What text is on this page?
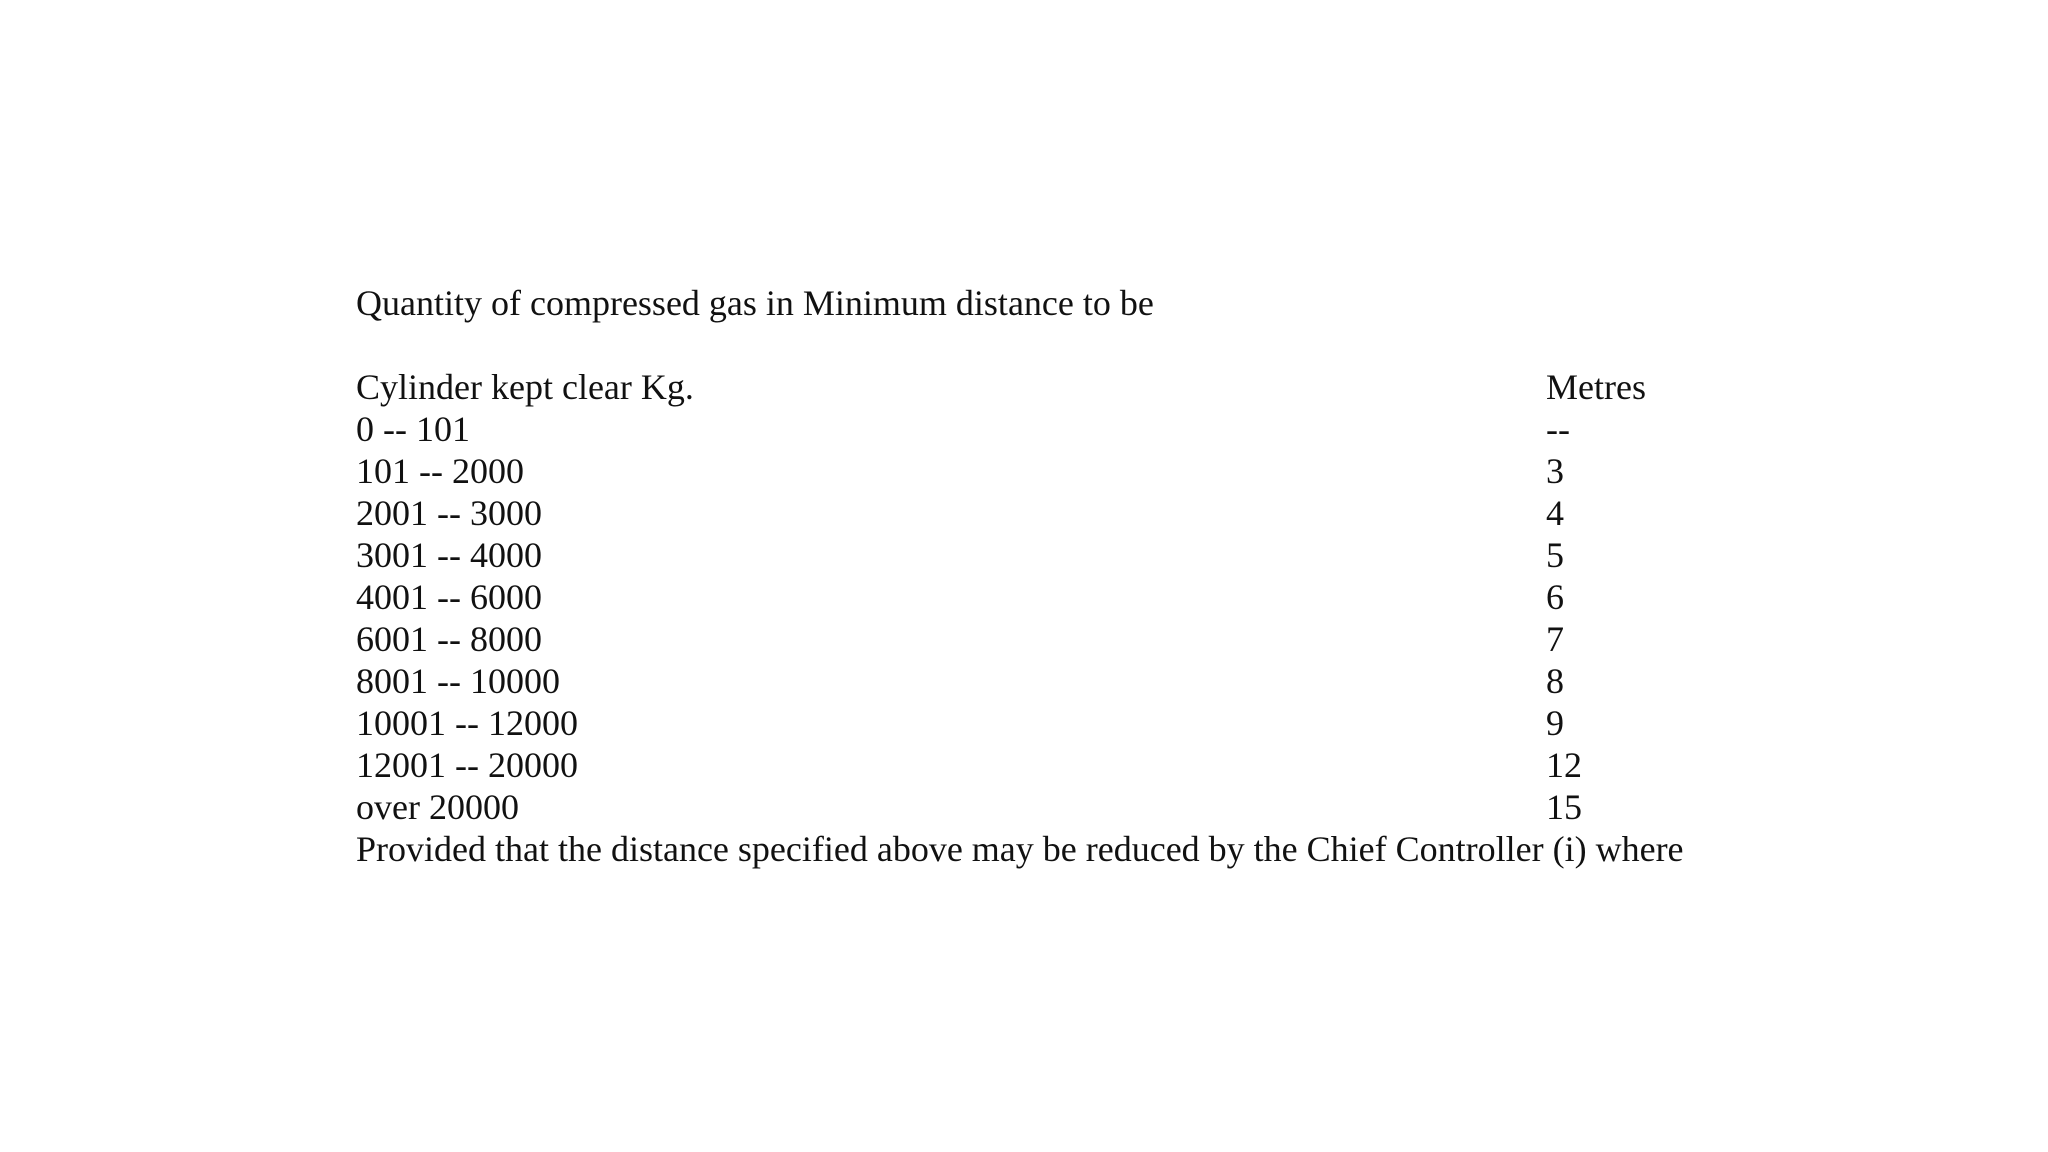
Quantity of compressed gas in Minimum distance to be
Cylinder kept clear Kg.	Metres
0 -- 101	--
101 -- 2000	3
2001 -- 3000	4
3001 -- 4000	5
4001 -- 6000	6
6001 -- 8000	7
8001 -- 10000	8
10001 -- 12000	9
12001 -- 20000	12
over 20000	15
Provided that the distance specified above may be reduced by the Chief Controller (i) where
